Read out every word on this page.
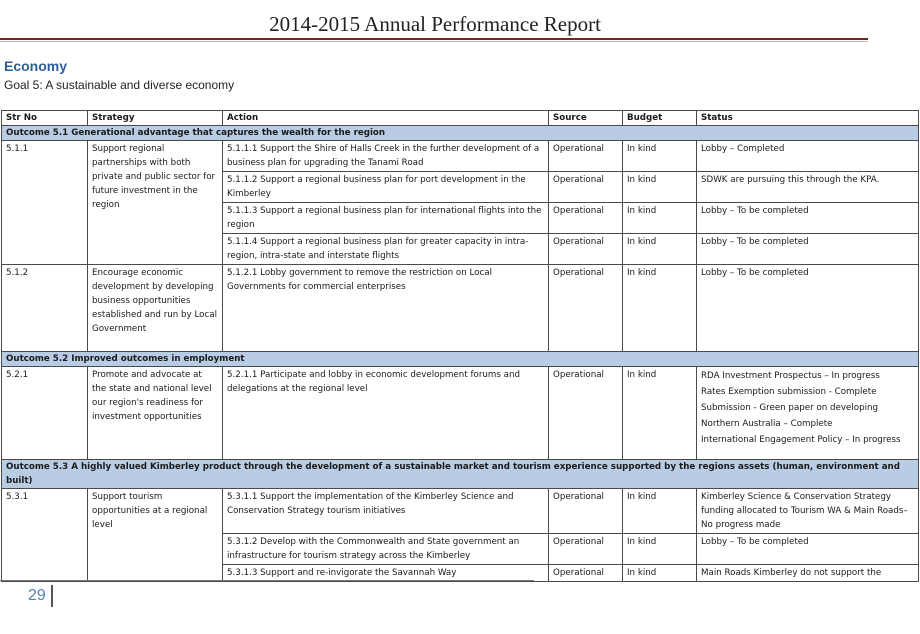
2014-2015 Annual Performance Report
Economy
Goal 5: A sustainable and diverse economy
Str No	Strategy	Action	Source	Budget	Status
Outcome 5.1 Generational advantage that captures the wealth for the region					
5.1.1	Support regional partnerships with both private and public sector for future investment in the region	5.1.1.1 Support the Shire of Halls Creek in the further development of a business plan for upgrading the Tanami Road	Operational	In kind	Lobby – Completed
		5.1.1.2 Support a regional business plan for port development in the Kimberley	Operational	In kind	SDWK are pursuing this through the KPA.
		5.1.1.3 Support a regional business plan for international flights into the region	Operational	In kind	Lobby – To be completed
		5.1.1.4 Support a regional business plan for greater capacity in intra-region, intra-state and interstate flights	Operational	In kind	Lobby – To be completed
5.1.2	Encourage economic development by developing business opportunities established and run by Local Government	5.1.2.1 Lobby government to remove the restriction on Local Governments for commercial enterprises	Operational	In kind	Lobby – To be completed
Outcome 5.2 Improved outcomes in employment					
5.2.1	Promote and advocate at the state and national level our region's readiness for investment opportunities	5.2.1.1 Participate and lobby in economic development forums and delegations at the regional level	Operational	In kind	RDA Investment Prospectus – In progress
Rates Exemption submission - Complete
Submission - Green paper on developing Northern Australia – Complete
International Engagement Policy – In progress

Outcome 5.3 A highly valued Kimberley product through the development of a sustainable market and tourism experience supported by the regions assets (human, environment and built)					
5.3.1	Support tourism opportunities at a regional level	5.3.1.1 Support the implementation of the Kimberley Science and Conservation Strategy tourism initiatives	Operational	In kind	Kimberley Science & Conservation Strategy funding allocated to Tourism WA & Main Roads– No progress made
		5.3.1.2 Develop with the Commonwealth and State government an infrastructure for tourism strategy across the Kimberley	Operational	In kind	Lobby – To be completed
		5.3.1.3 Support and re-invigorate the Savannah Way	Operational	In kind	Main Roads Kimberley do not support the
29
